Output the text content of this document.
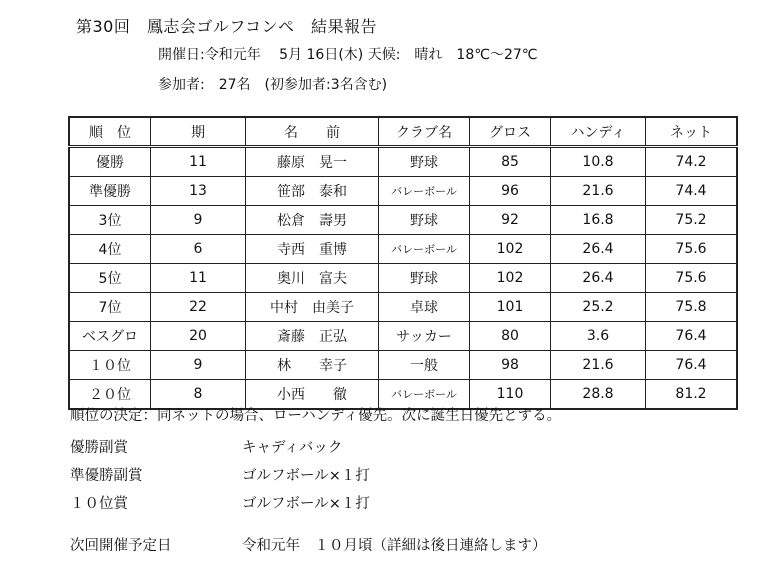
第30回　鳳志会ゴルフコンペ　結果報告
開催日:令和元年　 5月 16日(木) 天候:　晴れ　18℃～27℃
参加者:　27名　(初参加者:3名含む)
順　位	期	名　　前	クラブ名	グロス	ハンディ	ネット
優勝	11	藤原　晃一	野球	85	10.8	74.2
準優勝	13	笹部　泰和	バレーボール	96	21.6	74.4
3位	9	松倉　壽男	野球	92	16.8	75.2
4位	6	寺西　重博	バレーボール	102	26.4	75.6
5位	11	奥川　富夫	野球	102	26.4	75.6
7位	22	中村　由美子	卓球	101	25.2	75.8
ベスグロ	20	斎藤　正弘	サッカー	80	3.6	76.4
１０位	9	林　　幸子	一般	98	21.6	76.4
２０位	8	小西　　徹	バレーボール	110	28.8	81.2
順位の決定：同ネットの場合、ローハンディ優先。次に誕生日優先とする。
優勝副賞	キャディバック
準優勝副賞	ゴルフボール×１打
１０位賞	ゴルフボール×１打
次回開催予定日	令和元年　１０月頃（詳細は後日連絡します）
